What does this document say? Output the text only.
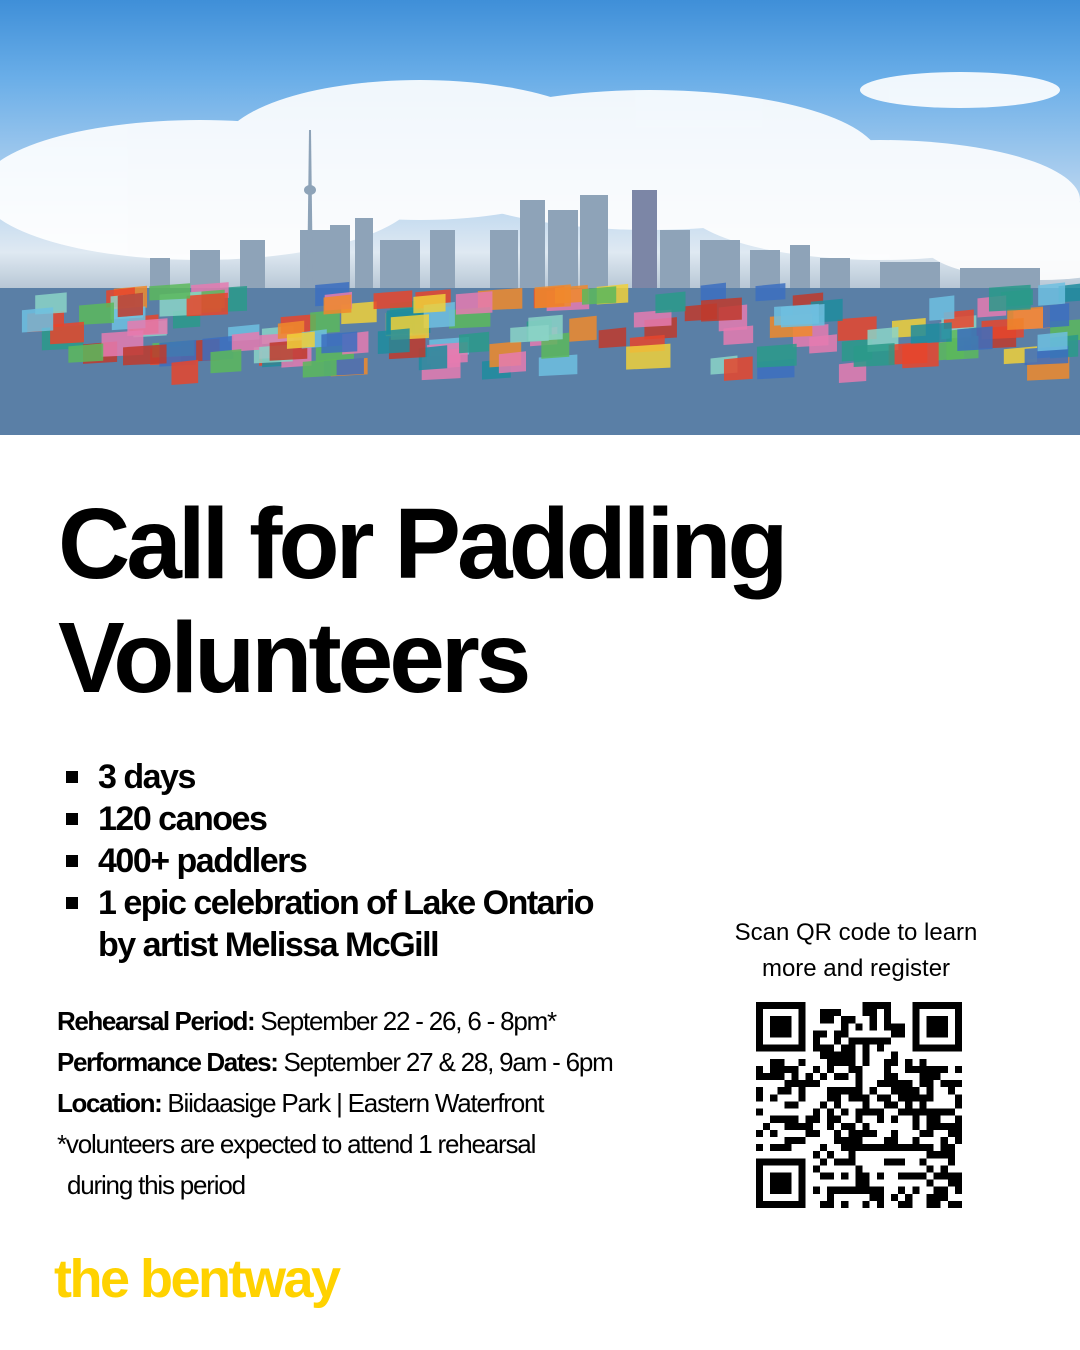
Call for Paddling
Volunteers
3 days
120 canoes
400+ paddlers
1 epic celebration of Lake Ontario
by artist Melissa McGill
Rehearsal Period: September 22 - 26, 6 - 8pm*
Performance Dates: September 27 & 28, 9am - 6pm
Location: Biidaasige Park | Eastern Waterfront
*volunteers are expected to attend 1 rehearsal
during this period
Scan QR code to learn
more and register
the bentway
